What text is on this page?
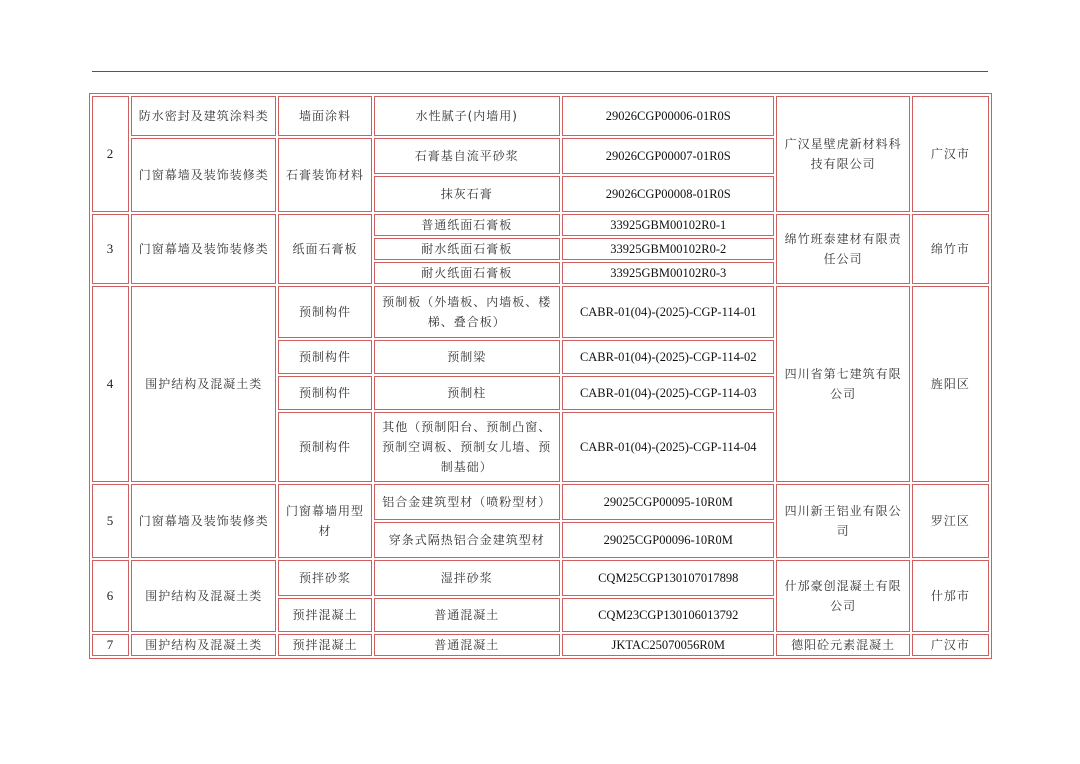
2	防水密封及建筑涂料类	墙面涂料	水性腻子(内墙用)	29026CGP00006-01R0S	广汉星壁虎新材料科技有限公司	广汉市
	门窗幕墙及装饰装修类	石膏装饰材料	石膏基自流平砂浆	29026CGP00007-01R0S		
			抹灰石膏	29026CGP00008-01R0S		
3	门窗幕墙及装饰装修类	纸面石膏板	普通纸面石膏板	33925GBM00102R0-1	绵竹班泰建材有限责任公司	绵竹市
			耐水纸面石膏板	33925GBM00102R0-2		
			耐火纸面石膏板	33925GBM00102R0-3		
4	围护结构及混凝土类	预制构件	预制板（外墙板、内墙板、楼梯、叠合板）	CABR-01(04)-(2025)-CGP-114-01	四川省第七建筑有限公司	旌阳区
		预制构件	预制梁	CABR-01(04)-(2025)-CGP-114-02		
		预制构件	预制柱	CABR-01(04)-(2025)-CGP-114-03		
		预制构件	其他（预制阳台、预制凸窗、预制空调板、预制女儿墙、预制基础）	CABR-01(04)-(2025)-CGP-114-04		
5	门窗幕墙及装饰装修类	门窗幕墙用型材	铝合金建筑型材（喷粉型材）	29025CGP00095-10R0M	四川新王铝业有限公司	罗江区
			穿条式隔热铝合金建筑型材	29025CGP00096-10R0M		
6	围护结构及混凝土类	预拌砂浆	湿拌砂浆	CQM25CGP130107017898	什邡豪创混凝土有限公司	什邡市
		预拌混凝土	普通混凝土	CQM23CGP130106013792		
7	围护结构及混凝土类	预拌混凝土	普通混凝土	JKTAC25070056R0M	德阳砼元素混凝土	广汉市
